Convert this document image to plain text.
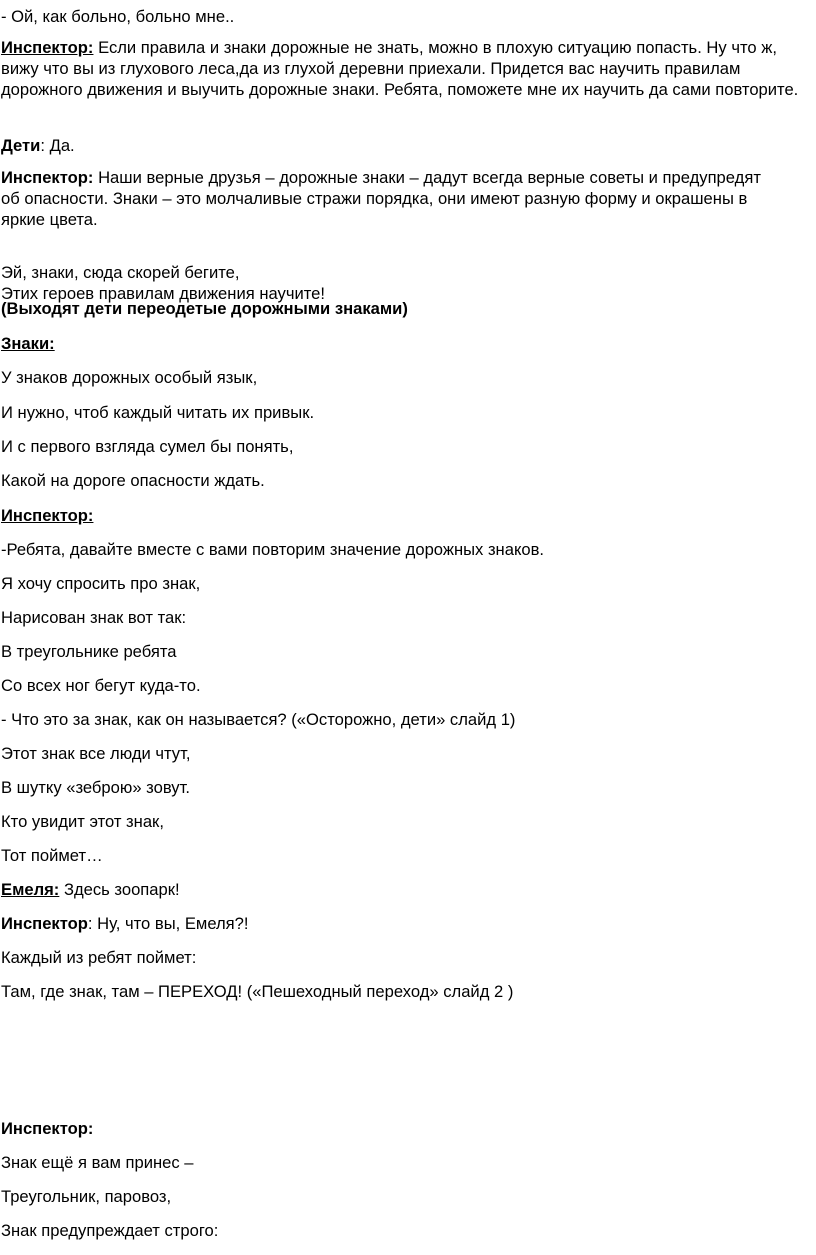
- Ой, как больно, больно мне..

Инспектор: Если правила и знаки дорожные не знать, можно в плохую ситуацию попасть. Ну что ж, вижу что вы из глухового леса,да из глухой деревни приехали. Придется вас научить правилам дорожного движения и выучить дорожные знаки. Ребята, поможете мне их научить да сами повторите.

Дети: Да.

Инспектор: Наши верные друзья – дорожные знаки – дадут всегда верные советы и предупредят об опасности. Знаки – это молчаливые стражи порядка, они имеют разную форму и окрашены в яркие цвета.

Эй, знаки, сюда скорей бегите,
Этих героев правилам движения научите!

(Выходят дети переодетые дорожными знаками)

Знаки:

У знаков дорожных особый язык,

И нужно, чтоб каждый читать их привык.

И с первого взгляда сумел бы понять,

Какой на дороге опасности ждать.

Инспектор:

-Ребята, давайте вместе с вами повторим значение дорожных знаков.

Я хочу спросить про знак,

Нарисован знак вот так:

В треугольнике ребята

Со всех ног бегут куда-то.

- Что это за знак, как он называется? («Осторожно, дети» слайд 1)

Этот знак все люди чтут,

В шутку «зеброю» зовут.

Кто увидит этот знак,

Тот поймет…

Емеля: Здесь зоопарк!

Инспектор: Ну, что вы, Емеля?!

Каждый из ребят поймет:

Там, где знак, там – ПЕРЕХОД! («Пешеходный переход» слайд 2 )

Инспектор:

Знак ещё я вам принес –

Треугольник, паровоз,

Знак предупреждает строго:
